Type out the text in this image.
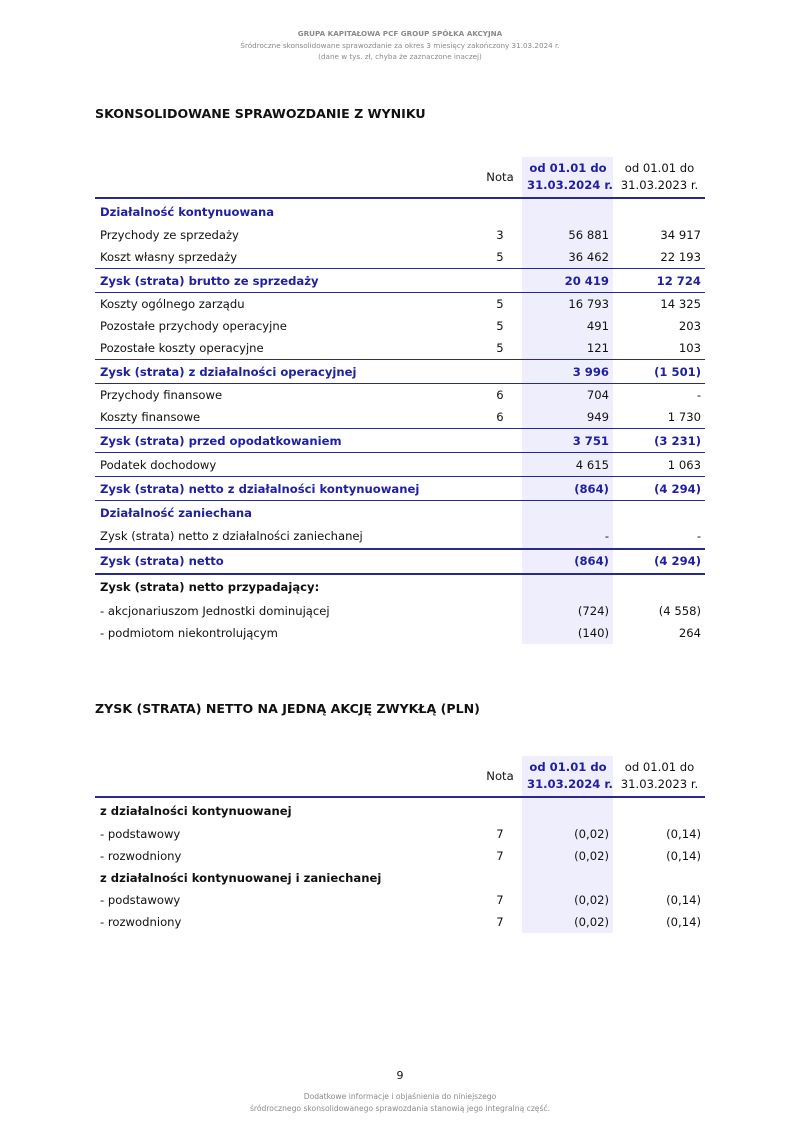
GRUPA KAPITAŁOWA PCF GROUP SPÓŁKA AKCYJNA
Śródroczne skonsolidowane sprawozdanie za okres 3 miesięcy zakończony 31.03.2024 r.
(dane w tys. zł, chyba że zaznaczone inaczej)
SKONSOLIDOWANE SPRAWOZDANIE Z WYNIKU
	Nota	od 01.01 do
31.03.2024 r.	od 01.01 do
31.03.2023 r.
Działalność kontynuowana			
Przychody ze sprzedaży	3	56 881	34 917
Koszt własny sprzedaży	5	36 462	22 193
Zysk (strata) brutto ze sprzedaży		20 419	12 724
Koszty ogólnego zarządu	5	16 793	14 325
Pozostałe przychody operacyjne	5	491	203
Pozostałe koszty operacyjne	5	121	103
Zysk (strata) z działalności operacyjnej		3 996	(1 501)
Przychody finansowe	6	704	-
Koszty finansowe	6	949	1 730
Zysk (strata) przed opodatkowaniem		3 751	(3 231)
Podatek dochodowy		4 615	1 063
Zysk (strata) netto z działalności kontynuowanej		(864)	(4 294)
Działalność zaniechana			
Zysk (strata) netto z działalności zaniechanej		-	-
Zysk (strata) netto		(864)	(4 294)
Zysk (strata) netto przypadający:			
- akcjonariuszom Jednostki dominującej		(724)	(4 558)
- podmiotom niekontrolującym		(140)	264
ZYSK (STRATA) NETTO NA JEDNĄ AKCJĘ ZWYKŁĄ (PLN)
	Nota	od 01.01 do
31.03.2024 r.	od 01.01 do
31.03.2023 r.
z działalności kontynuowanej			
- podstawowy	7	(0,02)	(0,14)
- rozwodniony	7	(0,02)	(0,14)
z działalności kontynuowanej i zaniechanej			
- podstawowy	7	(0,02)	(0,14)
- rozwodniony	7	(0,02)	(0,14)
9
Dodatkowe informacje i objaśnienia do niniejszego
śródrocznego skonsolidowanego sprawozdania stanowią jego integralną część.
